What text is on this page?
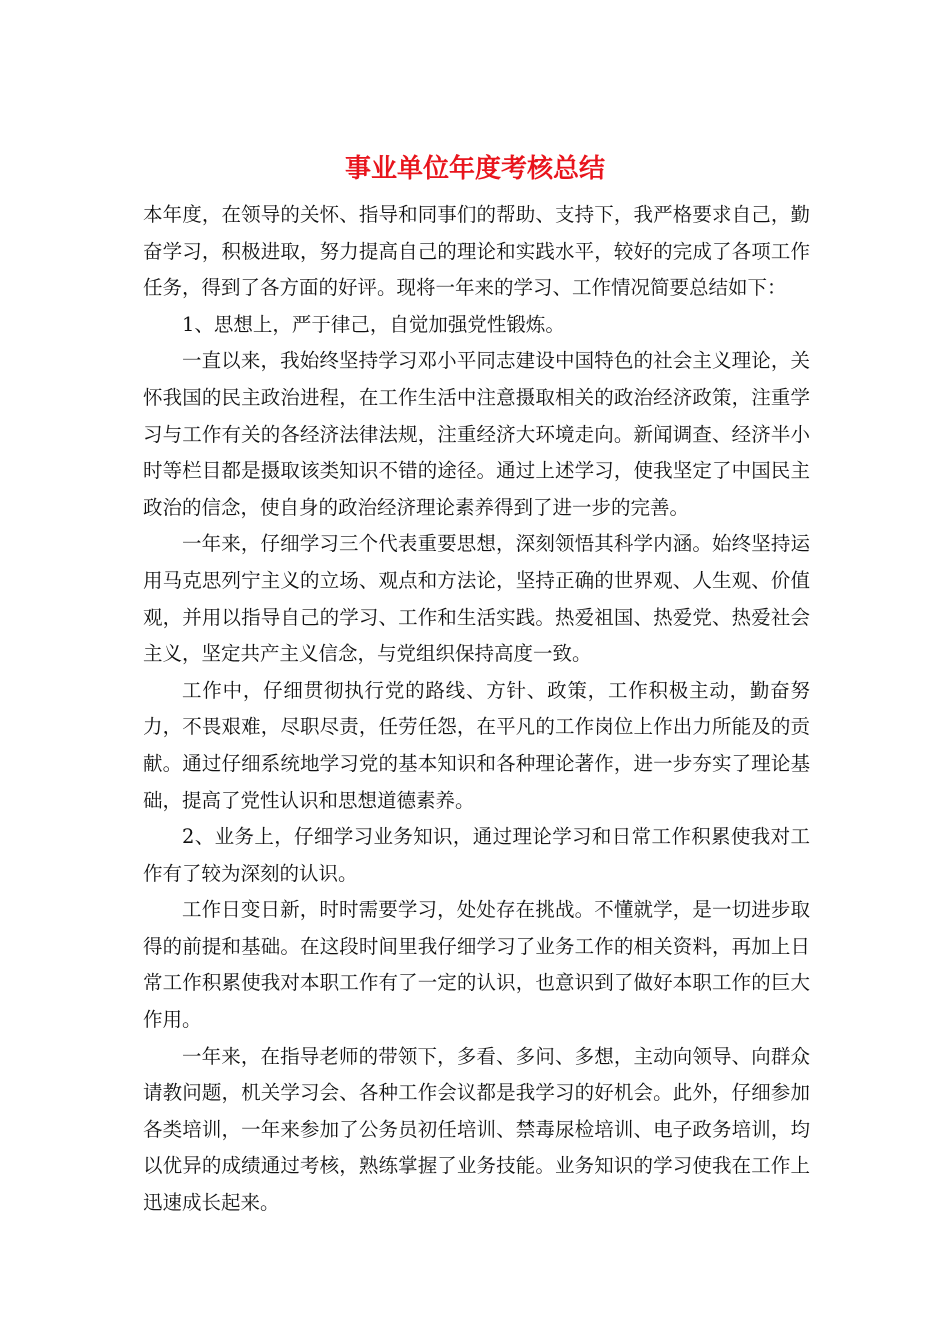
事业单位年度考核总结

本年度，在领导的关怀、指导和同事们的帮助、支持下，我严格要求自己，勤奋学习，积极进取，努力提高自己的理论和实践水平，较好的完成了各项工作任务，得到了各方面的好评。现将一年来的学习、工作情况简要总结如下：

1、思想上，严于律己，自觉加强党性锻炼。

一直以来，我始终坚持学习邓小平同志建设中国特色的社会主义理论，关怀我国的民主政治进程，在工作生活中注意摄取相关的政治经济政策，注重学习与工作有关的各经济法律法规，注重经济大环境走向。新闻调查、经济半小时等栏目都是摄取该类知识不错的途径。通过上述学习，使我坚定了中国民主政治的信念，使自身的政治经济理论素养得到了进一步的完善。

一年来，仔细学习三个代表重要思想，深刻领悟其科学内涵。始终坚持运用马克思列宁主义的立场、观点和方法论，坚持正确的世界观、人生观、价值观，并用以指导自己的学习、工作和生活实践。热爱祖国、热爱党、热爱社会主义，坚定共产主义信念，与党组织保持高度一致。

工作中，仔细贯彻执行党的路线、方针、政策，工作积极主动，勤奋努力，不畏艰难，尽职尽责，任劳任怨，在平凡的工作岗位上作出力所能及的贡献。通过仔细系统地学习党的基本知识和各种理论著作，进一步夯实了理论基础，提高了党性认识和思想道德素养。

2、业务上，仔细学习业务知识，通过理论学习和日常工作积累使我对工作有了较为深刻的认识。

工作日变日新，时时需要学习，处处存在挑战。不懂就学，是一切进步取得的前提和基础。在这段时间里我仔细学习了业务工作的相关资料，再加上日常工作积累使我对本职工作有了一定的认识，也意识到了做好本职工作的巨大作用。

一年来，在指导老师的带领下，多看、多问、多想，主动向领导、向群众请教问题，机关学习会、各种工作会议都是我学习的好机会。此外，仔细参加各类培训，一年来参加了公务员初任培训、禁毒尿检培训、电子政务培训，均以优异的成绩通过考核，熟练掌握了业务技能。业务知识的学习使我在工作上迅速成长起来。
